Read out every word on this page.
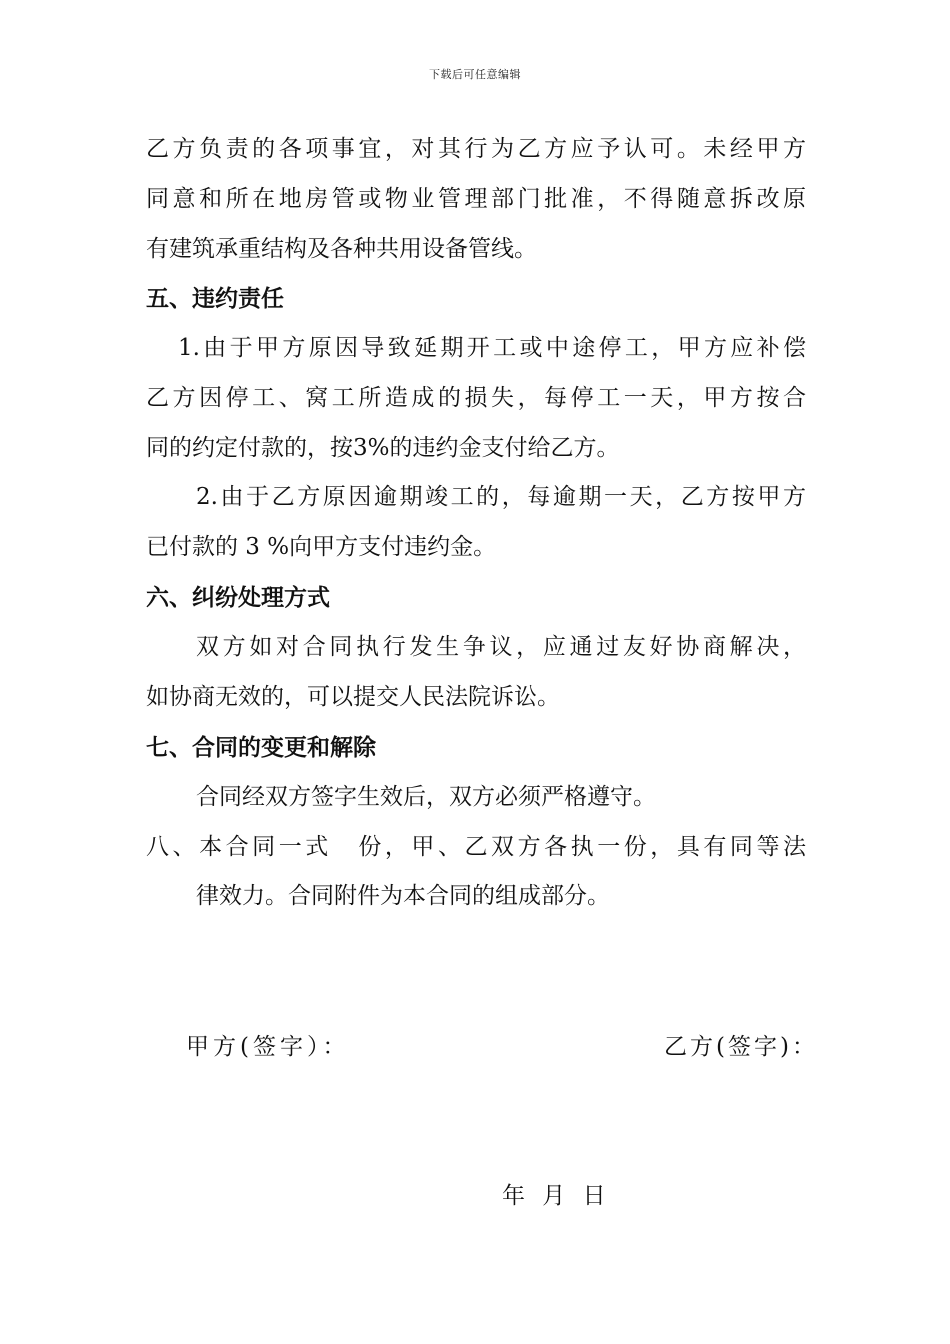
下载后可任意编辑
乙方负责的各项事宜，对其行为乙方应予认可。未经甲方
同意和所在地房管或物业管理部门批准，不得随意拆改原
有建筑承重结构及各种共用设备管线。
五、违约责任
1.由于甲方原因导致延期开工或中途停工，甲方应补偿
乙方因停工、窝工所造成的损失，每停工一天，甲方按合
同的约定付款的，按3%的违约金支付给乙方。
2.由于乙方原因逾期竣工的，每逾期一天，乙方按甲方
已付款的 3 %向甲方支付违约金。
六、纠纷处理方式
双方如对合同执行发生争议，应通过友好协商解决，
如协商无效的，可以提交人民法院诉讼。
七、合同的变更和解除
合同经双方签字生效后，双方必须严格遵守。
八、本合同一式　份，甲、乙双方各执一份，具有同等法
律效力。合同附件为本合同的组成部分。
甲方(签字）：	乙方(签字)：
年 月 日
